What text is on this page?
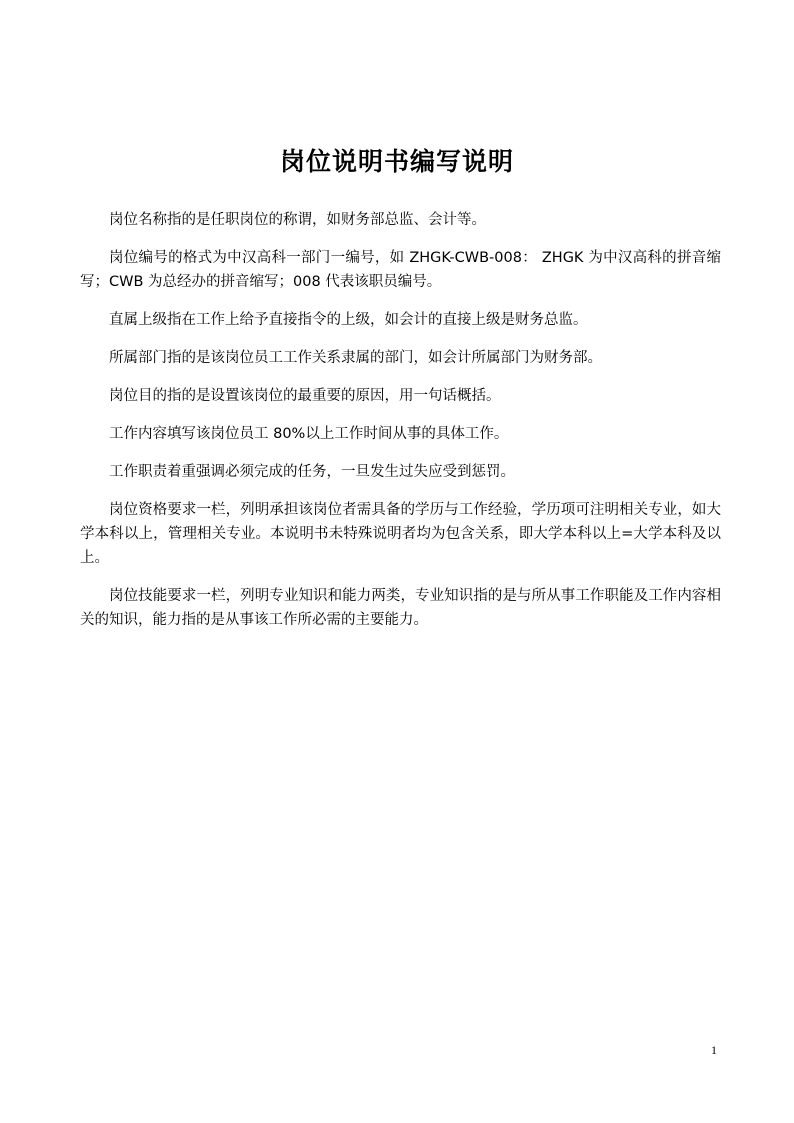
岗位说明书编写说明

岗位名称指的是任职岗位的称谓，如财务部总监、会计等。

岗位编号的格式为中汉高科一部门一编号，如 ZHGK-CWB-008： ZHGK 为中汉高科的拼音缩写；CWB 为总经办的拼音缩写；008 代表该职员编号。

直属上级指在工作上给予直接指令的上级，如会计的直接上级是财务总监。

所属部门指的是该岗位员工工作关系隶属的部门，如会计所属部门为财务部。

岗位目的指的是设置该岗位的最重要的原因，用一句话概括。

工作内容填写该岗位员工 80%以上工作时间从事的具体工作。

工作职责着重强调必须完成的任务，一旦发生过失应受到惩罚。

岗位资格要求一栏，列明承担该岗位者需具备的学历与工作经验，学历项可注明相关专业，如大学本科以上，管理相关专业。本说明书未特殊说明者均为包含关系，即大学本科以上=大学本科及以上。

岗位技能要求一栏，列明专业知识和能力两类，专业知识指的是与所从事工作职能及工作内容相关的知识，能力指的是从事该工作所必需的主要能力。

1
